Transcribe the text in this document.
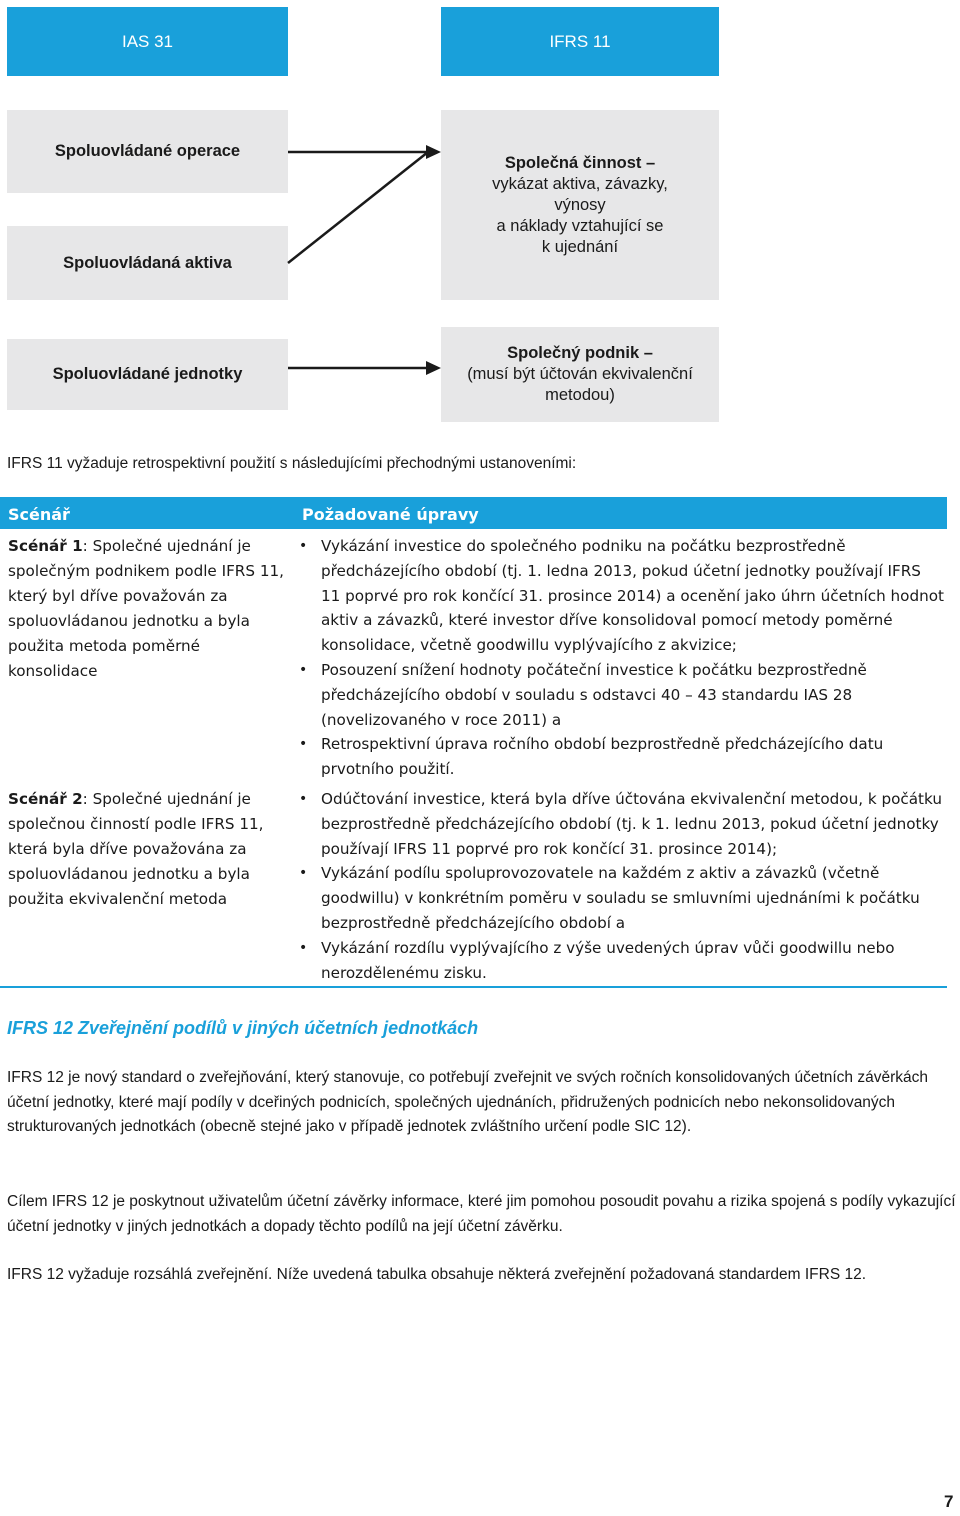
IAS 31	IFRS 11
Spoluovládané operace
Spoluovládaná aktiva
Společná činnost –
vykázat aktiva, závazky,
výnosy
a náklady vztahující se
k ujednání
Spoluovládané jednotky
Společný podnik –
(musí být účtován ekvivalenční
metodou)
IFRS 11 vyžaduje retrospektivní použití s následujícími přechodnými ustanoveními:
Scénář	Požadované úpravy
Scénář 1: Společné ujednání je společným podnikem podle IFRS 11, který byl dříve považován za spoluovládanou jednotku a byla použita metoda poměrné konsolidace
• Vykázání investice do společného podniku na počátku bezprostředně předcházejícího období (tj. 1. ledna 2013, pokud účetní jednotky používají IFRS 11 poprvé pro rok končící 31. prosince 2014) a ocenění jako úhrn účetních hodnot aktiv a závazků, které investor dříve konsolidoval pomocí metody poměrné konsolidace, včetně goodwillu vyplývajícího z akvizice;
• Posouzení snížení hodnoty počáteční investice k počátku bezprostředně předcházejícího období v souladu s odstavci 40 – 43 standardu IAS 28 (novelizovaného v roce 2011) a
• Retrospektivní úprava ročního období bezprostředně předcházejícího datu prvotního použití.
Scénář 2: Společné ujednání je společnou činností podle IFRS 11, která byla dříve považována za spoluovládanou jednotku a byla použita ekvivalenční metoda
• Odúčtování investice, která byla dříve účtována ekvivalenční metodou, k počátku bezprostředně předcházejícího období (tj. k 1. lednu 2013, pokud účetní jednotky používají IFRS 11 poprvé pro rok končící 31. prosince 2014);
• Vykázání podílu spoluprovozovatele na každém z aktiv a závazků (včetně goodwillu) v konkrétním poměru v souladu se smluvními ujednáními k počátku bezprostředně předcházejícího období a
• Vykázání rozdílu vyplývajícího z výše uvedených úprav vůči goodwillu nebo nerozdělenému zisku.
IFRS 12 Zveřejnění podílů v jiných účetních jednotkách
IFRS 12 je nový standard o zveřejňování, který stanovuje, co potřebují zveřejnit ve svých ročních konsolidovaných účetních závěrkách účetní jednotky, které mají podíly v dceřiných podnicích, společných ujednáních, přidružených podnicích nebo nekonsolidovaných strukturovaných jednotkách (obecně stejné jako v případě jednotek zvláštního určení podle SIC 12).
Cílem IFRS 12 je poskytnout uživatelům účetní závěrky informace, které jim pomohou posoudit povahu a rizika spojená s podíly vykazující účetní jednotky v jiných jednotkách a dopady těchto podílů na její účetní závěrku.
IFRS 12 vyžaduje rozsáhlá zveřejnění. Níže uvedená tabulka obsahuje některá zveřejnění požadovaná standardem IFRS 12.
7
